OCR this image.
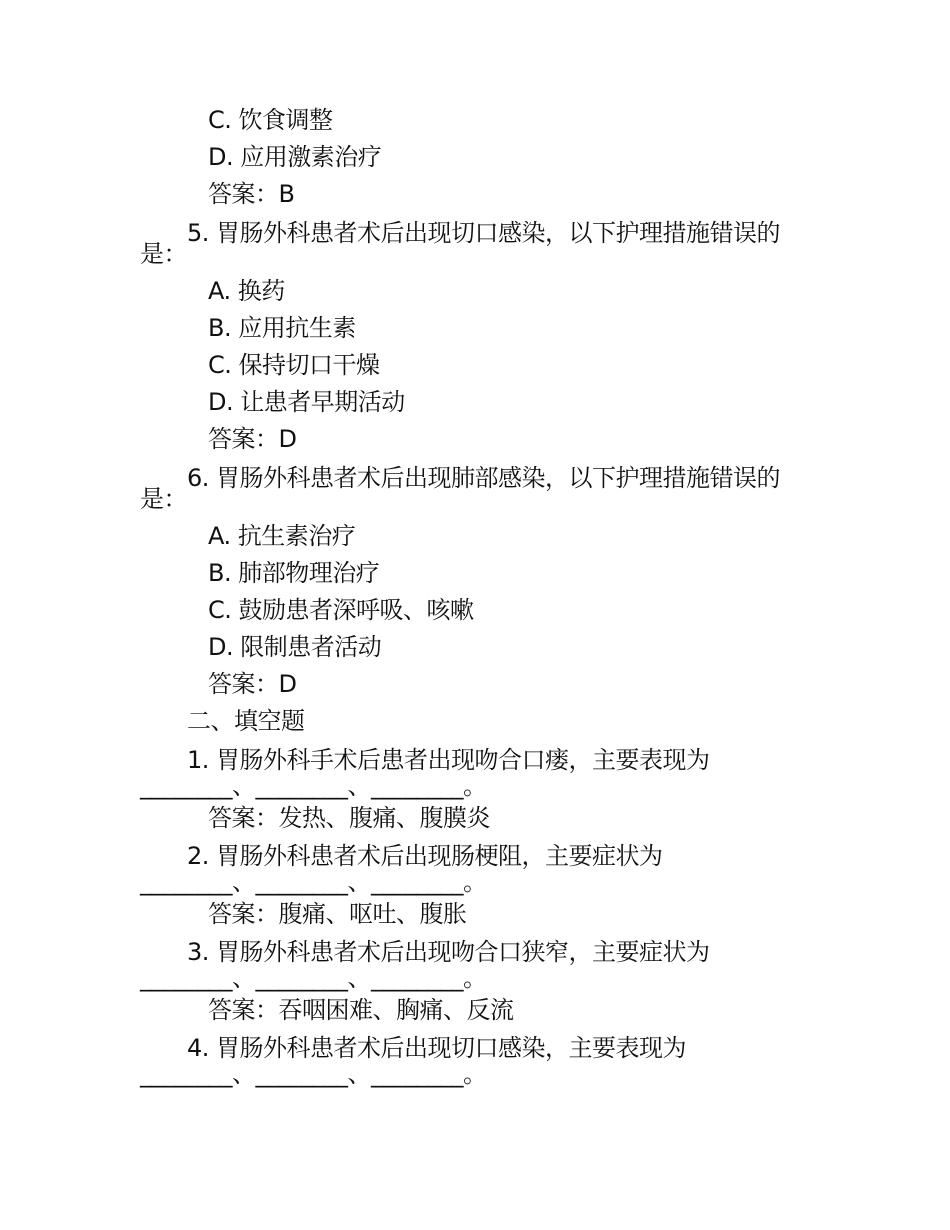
C. 饮食调整
D. 应用激素治疗
答案：B
5. 胃肠外科患者术后出现切口感染，以下护理措施错误的
是：
A. 换药
B. 应用抗生素
C. 保持切口干燥
D. 让患者早期活动
答案：D
6. 胃肠外科患者术后出现肺部感染，以下护理措施错误的
是：
A. 抗生素治疗
B. 肺部物理治疗
C. 鼓励患者深呼吸、咳嗽
D. 限制患者活动
答案：D
二、填空题
1. 胃肠外科手术后患者出现吻合口瘘，主要表现为
________、________、________。
答案：发热、腹痛、腹膜炎
2. 胃肠外科患者术后出现肠梗阻，主要症状为
________、________、________。
答案：腹痛、呕吐、腹胀
3. 胃肠外科患者术后出现吻合口狭窄，主要症状为
________、________、________。
答案：吞咽困难、胸痛、反流
4. 胃肠外科患者术后出现切口感染，主要表现为
________、________、________。
